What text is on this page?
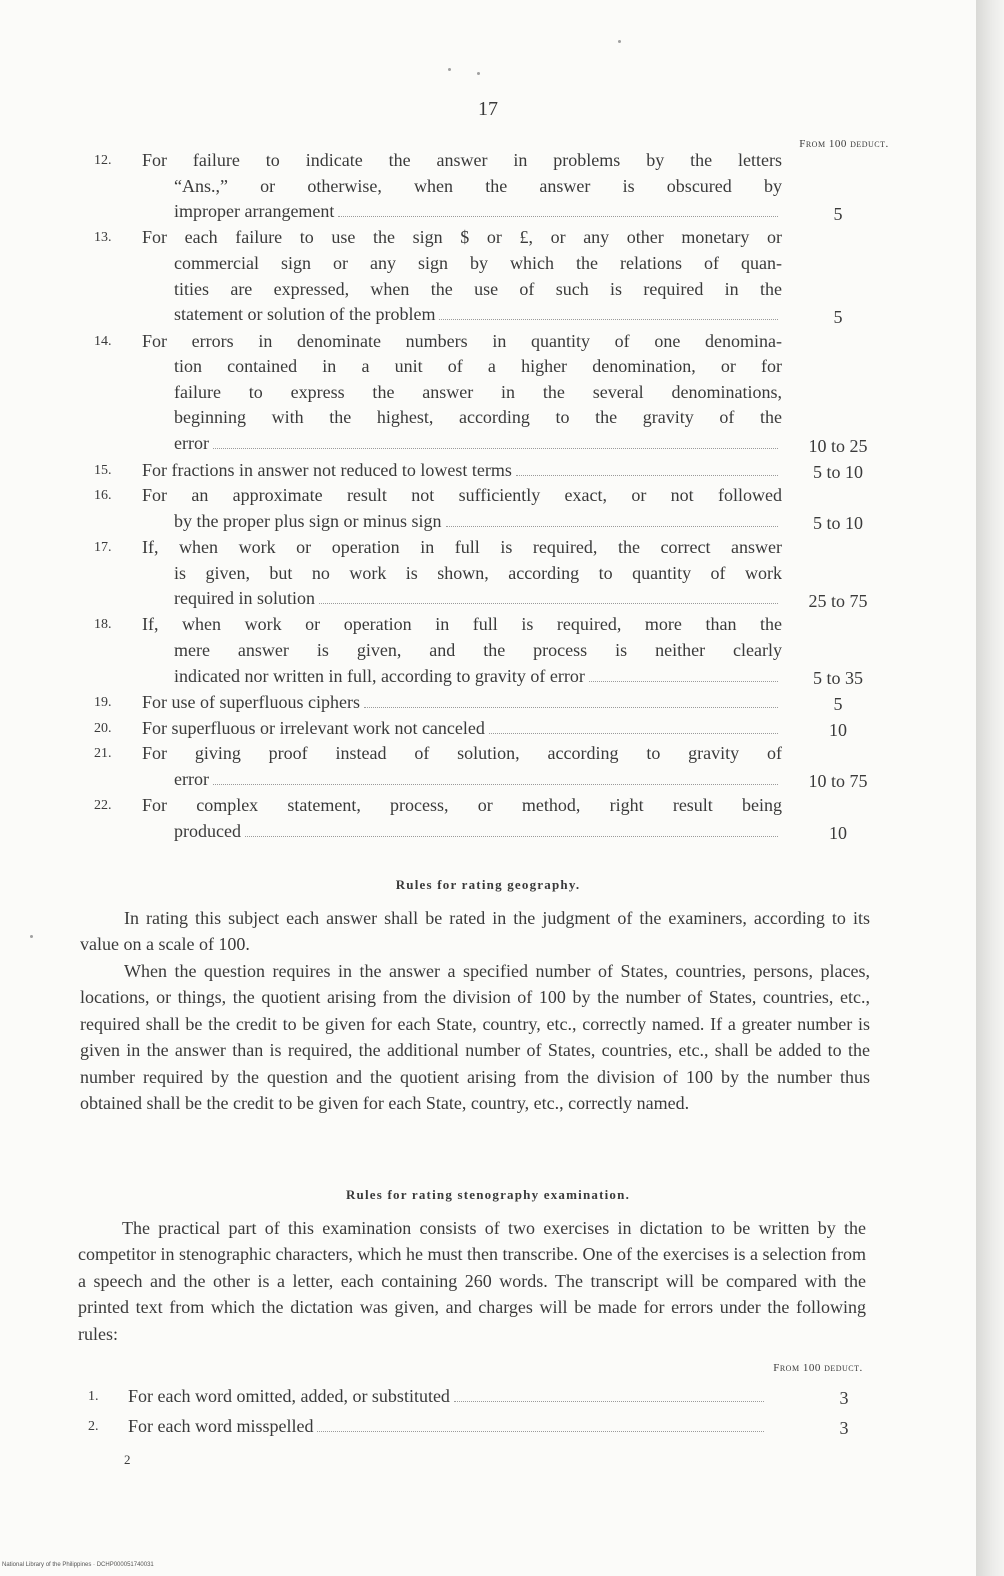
17
From 100 deduct.
12.	For failure to indicate the answer in problems by the letters
“Ans.,” or otherwise, when the answer is obscured by
improper arrangement	5
13.	For each failure to use the sign $ or £, or any other monetary or
commercial sign or any sign by which the relations of quan-
tities are expressed, when the use of such is required in the
statement or solution of the problem	5
14.	For errors in denominate numbers in quantity of one denomina-
tion contained in a unit of a higher denomination, or for
failure to express the answer in the several denominations,
beginning with the highest, according to the gravity of the
error	10 to 25
15.	For fractions in answer not reduced to lowest terms	5 to 10
16.	For an approximate result not sufficiently exact, or not followed
by the proper plus sign or minus sign	5 to 10
17.	If, when work or operation in full is required, the correct answer
is given, but no work is shown, according to quantity of work
required in solution	25 to 75
18.	If, when work or operation in full is required, more than the
mere answer is given, and the process is neither clearly
indicated nor written in full, according to gravity of error	5 to 35
19.	For use of superfluous ciphers	5
20.	For superfluous or irrelevant work not canceled	10
21.	For giving proof instead of solution, according to gravity of
error	10 to 75
22.	For complex statement, process, or method, right result being
produced	10
Rules for rating geography.
In rating this subject each answer shall be rated in the judgment of the examiners, according to its value on a scale of 100.
When the question requires in the answer a specified number of States, countries, persons, places, locations, or things, the quotient arising from the division of 100 by the number of States, countries, etc., required shall be the credit to be given for each State, country, etc., correctly named. If a greater number is given in the answer than is required, the additional number of States, countries, etc., shall be added to the number required by the question and the quotient arising from the division of 100 by the number thus obtained shall be the credit to be given for each State, country, etc., correctly named.
Rules for rating stenography examination.
The practical part of this examination consists of two exercises in dictation to be written by the competitor in stenographic characters, which he must then transcribe. One of the exercises is a selection from a speech and the other is a letter, each containing 260 words. The transcript will be compared with the printed text from which the dictation was given, and charges will be made for errors under the following rules:
From 100 deduct.
1.	For each word omitted, added, or substituted	3
2.	For each word misspelled	3
2
National Library of the Philippines · DCHP000051740031
